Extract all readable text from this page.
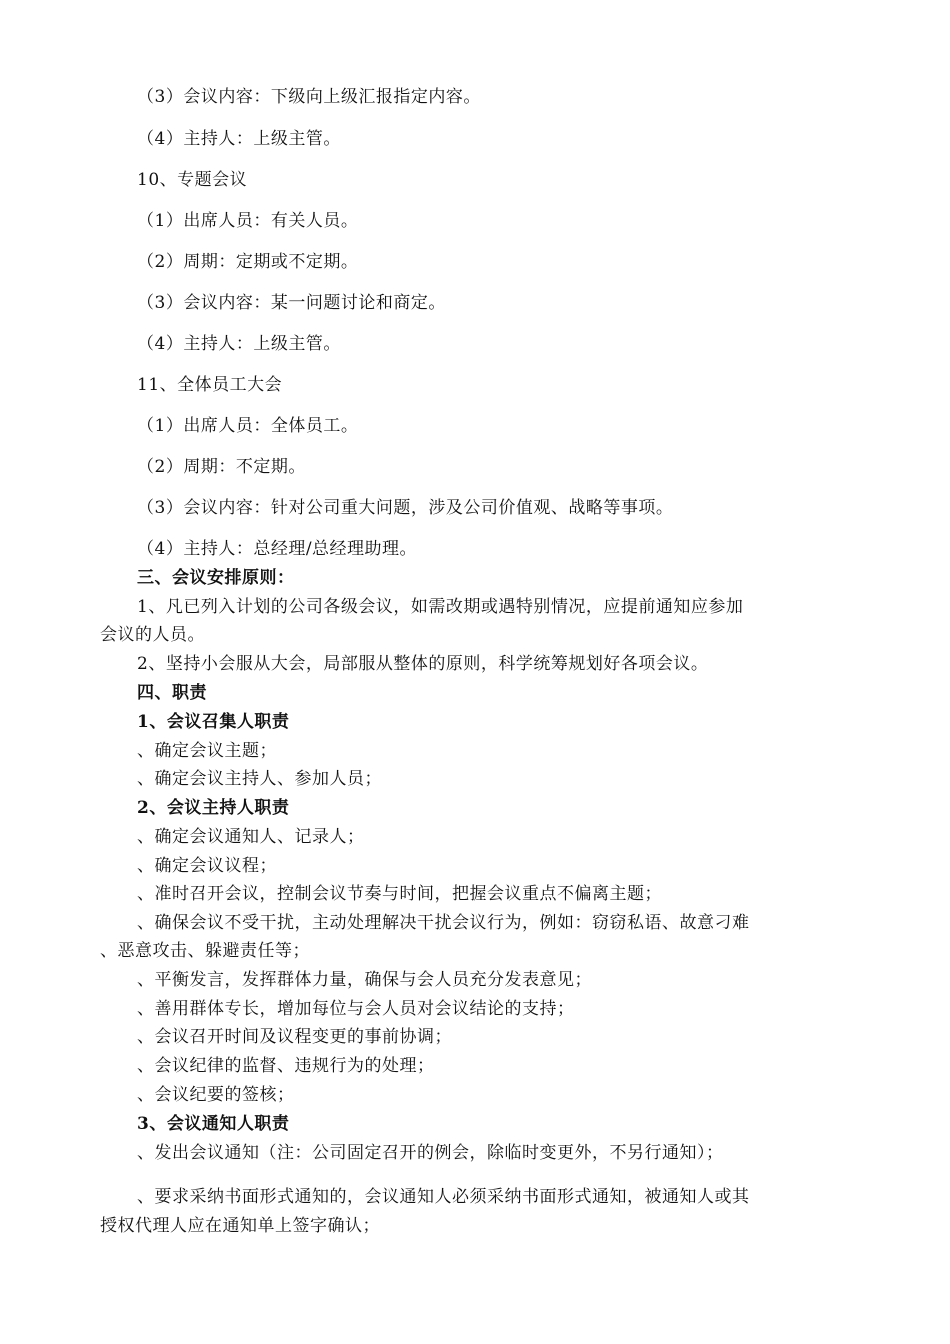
（3）会议内容：下级向上级汇报指定内容。
（4）主持人：上级主管。
10、专题会议
（1）出席人员：有关人员。
（2）周期：定期或不定期。
（3）会议内容：某一问题讨论和商定。
（4）主持人：上级主管。
11、全体员工大会
（1）出席人员：全体员工。
（2）周期：不定期。
（3）会议内容：针对公司重大问题，涉及公司价值观、战略等事项。
（4）主持人：总经理/总经理助理。
三、会议安排原则：
1、凡已列入计划的公司各级会议，如需改期或遇特别情况，应提前通知应参加
会议的人员。
2、坚持小会服从大会，局部服从整体的原则，科学统筹规划好各项会议。
四、职责
1、会议召集人职责
、确定会议主题；
、确定会议主持人、参加人员；
2、会议主持人职责
、确定会议通知人、记录人；
、确定会议议程；
、准时召开会议，控制会议节奏与时间，把握会议重点不偏离主题；
、确保会议不受干扰，主动处理解决干扰会议行为，例如：窃窃私语、故意刁难
、恶意攻击、躲避责任等；
、平衡发言，发挥群体力量，确保与会人员充分发表意见；
、善用群体专长，增加每位与会人员对会议结论的支持；
、会议召开时间及议程变更的事前协调；
、会议纪律的监督、违规行为的处理；
、会议纪要的签核；
3、会议通知人职责
、发出会议通知（注：公司固定召开的例会，除临时变更外，不另行通知）；
、要求采纳书面形式通知的，会议通知人必须采纳书面形式通知，被通知人或其
授权代理人应在通知单上签字确认；
